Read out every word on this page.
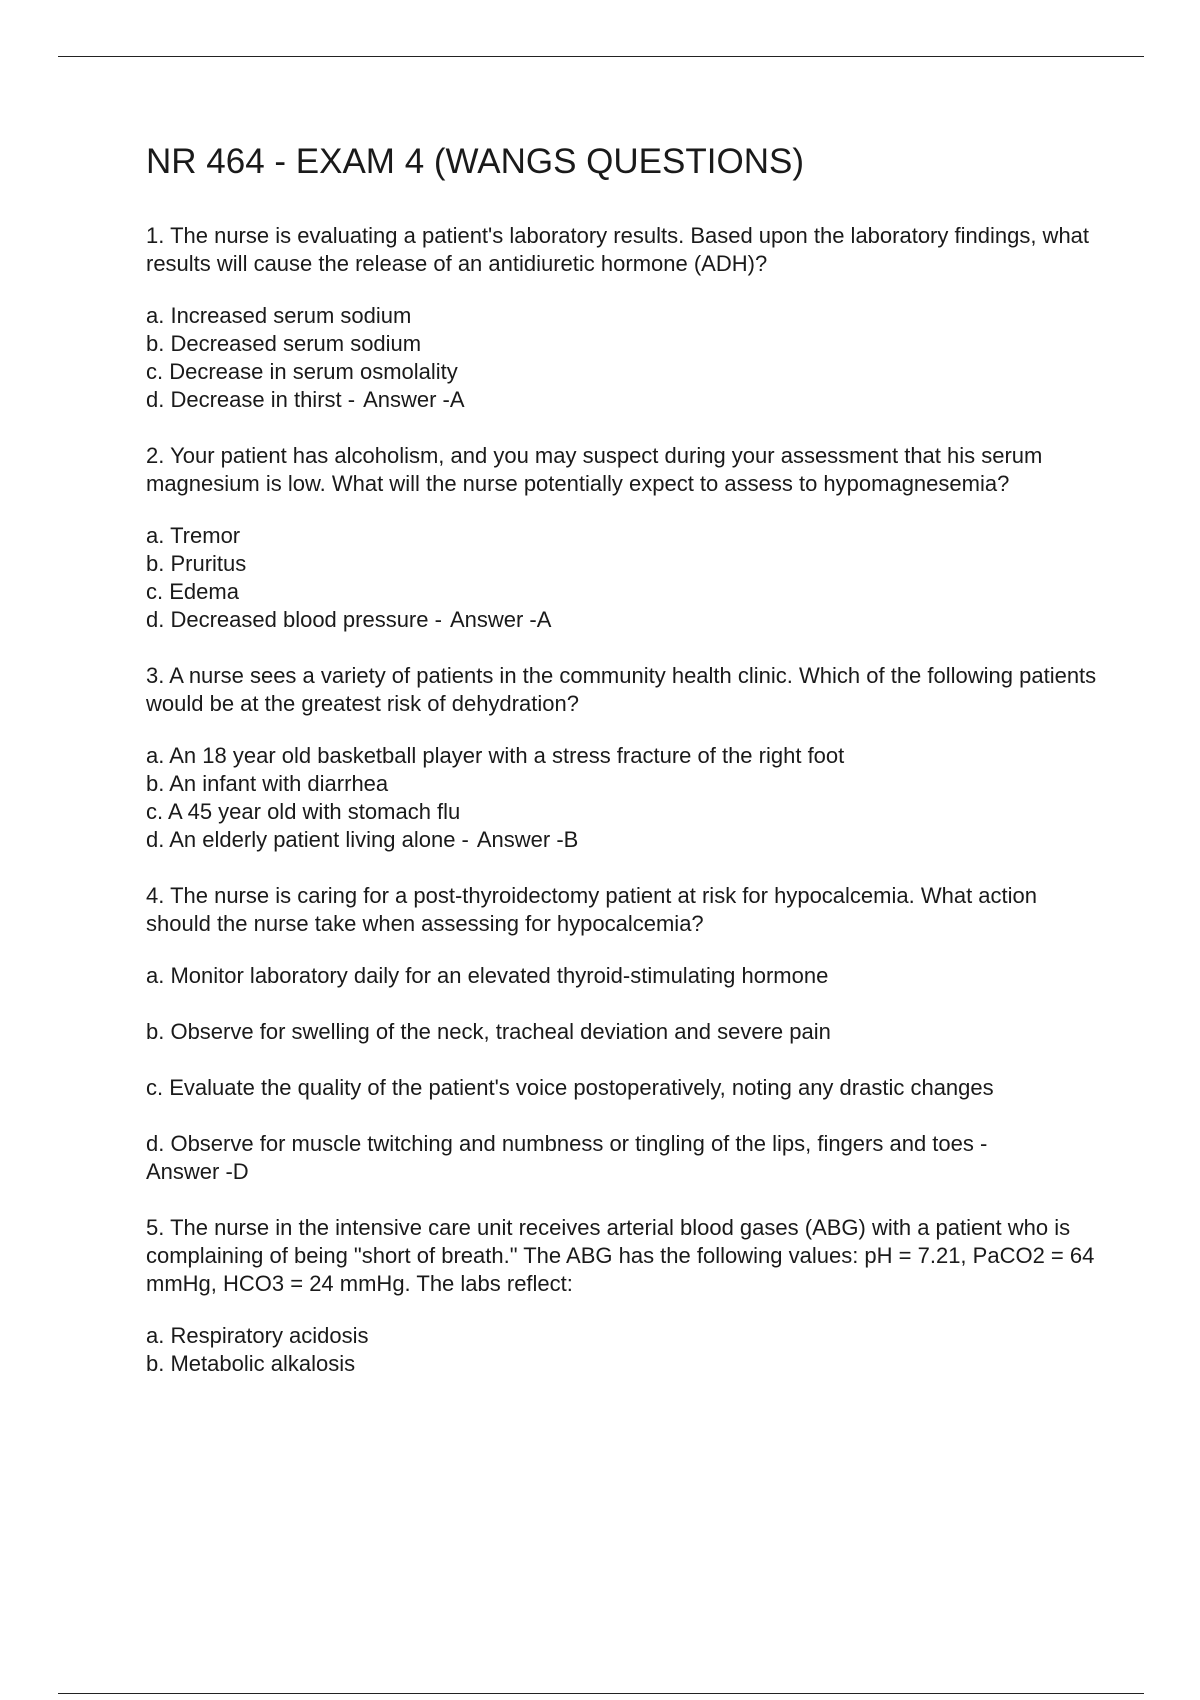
NR 464 - EXAM 4 (WANGS QUESTIONS)
1. The nurse is evaluating a patient's laboratory results. Based upon the laboratory findings, what results will cause the release of an antidiuretic hormone (ADH)?
a. Increased serum sodium
b. Decreased serum sodium
c. Decrease in serum osmolality
d. Decrease in thirst - Answer -A
2. Your patient has alcoholism, and you may suspect during your assessment that his serum magnesium is low. What will the nurse potentially expect to assess to hypomagnesemia?
a. Tremor
b. Pruritus
c. Edema
d. Decreased blood pressure - Answer -A
3. A nurse sees a variety of patients in the community health clinic. Which of the following patients would be at the greatest risk of dehydration?
a. An 18 year old basketball player with a stress fracture of the right foot
b. An infant with diarrhea
c. A 45 year old with stomach flu
d. An elderly patient living alone - Answer -B
4. The nurse is caring for a post-thyroidectomy patient at risk for hypocalcemia. What action should the nurse take when assessing for hypocalcemia?
a. Monitor laboratory daily for an elevated thyroid-stimulating hormone
b. Observe for swelling of the neck, tracheal deviation and severe pain
c. Evaluate the quality of the patient's voice postoperatively, noting any drastic changes
d. Observe for muscle twitching and numbness or tingling of the lips, fingers and toes -
Answer -D
5. The nurse in the intensive care unit receives arterial blood gases (ABG) with a patient who is complaining of being "short of breath." The ABG has the following values: pH = 7.21, PaCO2 = 64 mmHg, HCO3 = 24 mmHg. The labs reflect:
a. Respiratory acidosis
b. Metabolic alkalosis
